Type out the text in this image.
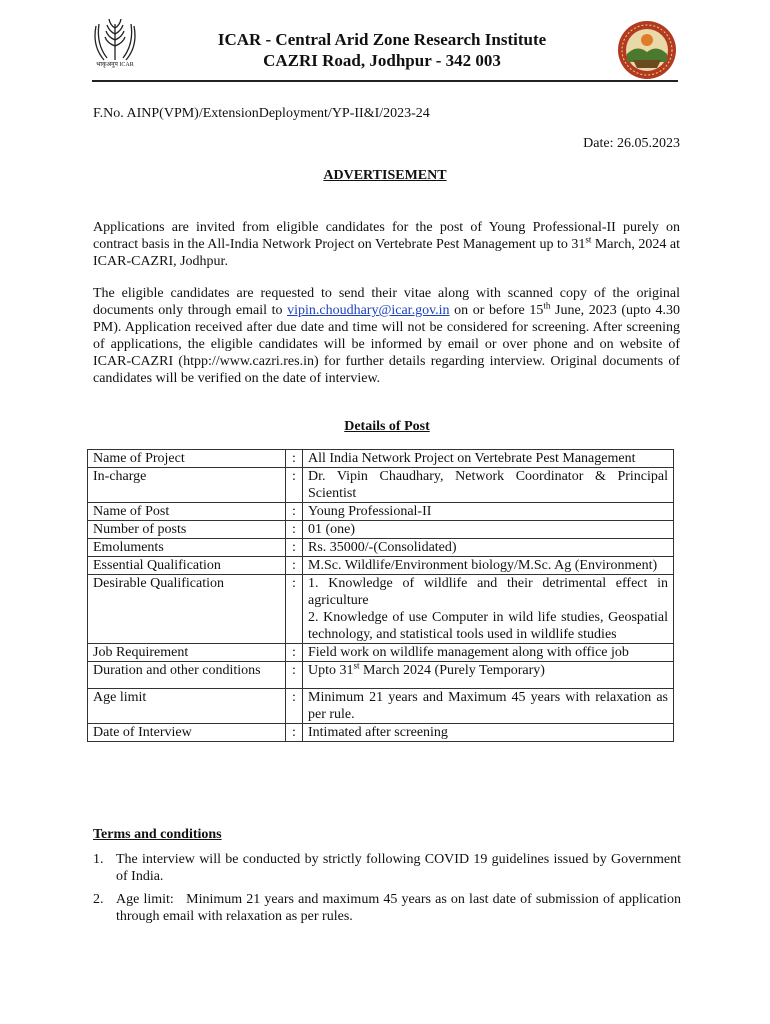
भाकृअनुप ICAR
ICAR - Central Arid Zone Research Institute
CAZRI Road, Jodhpur - 342 003
F.No. AINP(VPM)/ExtensionDeployment/YP-II&I/2023-24
Date: 26.05.2023
ADVERTISEMENT

Applications are invited from eligible candidates for the post of Young Professional-II purely on contract basis in the All-India Network Project on Vertebrate Pest Management up to 31st March, 2024 at ICAR-CAZRI, Jodhpur.

The eligible candidates are requested to send their vitae along with scanned copy of the original documents only through email to vipin.choudhary@icar.gov.in on or before 15th June, 2023 (upto 4.30 PM). Application received after due date and time will not be considered for screening. After screening of applications, the eligible candidates will be informed by email or over phone and on website of ICAR-CAZRI (htpp://www.cazri.res.in) for further details regarding interview. Original documents of candidates will be verified on the date of interview.

Details of Post
Name of Project	:	All India Network Project on Vertebrate Pest Management
In-charge	:	Dr. Vipin Chaudhary, Network Coordinator & Principal Scientist
Name of Post	:	Young Professional-II
Number of posts	:	01 (one)
Emoluments	:	Rs. 35000/-(Consolidated)
Essential Qualification	:	M.Sc. Wildlife/Environment biology/M.Sc. Ag (Environment)
Desirable Qualification	:	1. Knowledge of wildlife and their detrimental effect in agriculture
2. Knowledge of use Computer in wild life studies, Geospatial technology, and statistical tools used in wildlife studies

Job Requirement	:	Field work on wildlife management along with office job
Duration and other conditions	:	Upto 31st March 2024 (Purely Temporary)
Age limit	:	Minimum 21 years and Maximum 45 years with relaxation as per rule.
Date of Interview	:	Intimated after screening
Terms and conditions
1. The interview will be conducted by strictly following COVID 19 guidelines issued by Government of India.
2. Age limit:   Minimum 21 years and maximum 45 years as on last date of submission of application through email with relaxation as per rules.
